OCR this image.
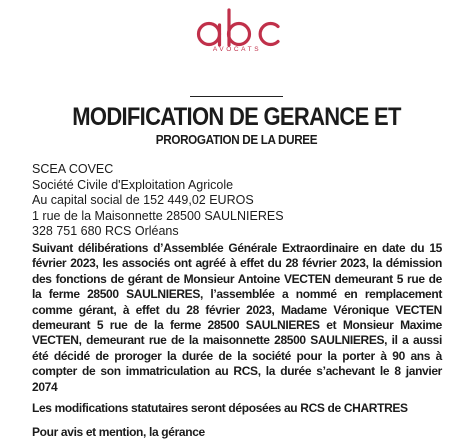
AVOCATS
MODIFICATION DE GERANCE ET
PROROGATION DE LA DUREE
SCEA COVEC
Société Civile d'Exploitation Agricole
Au capital social de 152 449,02 EUROS
1 rue de la Maisonnette 28500 SAULNIERES
328 751 680 RCS Orléans
Suivant délibérations d’Assemblée Générale Extraordinaire en date du 15 février 2023, les associés ont agréé à effet du 28 février 2023, la démission des fonctions de gérant de Monsieur Antoine VECTEN demeurant 5 rue de la ferme 28500 SAULNIERES, l’assemblée a nommé en remplacement comme gérant, à effet du 28 février 2023, Madame Véronique VECTEN demeurant 5 rue de la ferme 28500 SAULNIERES et Monsieur Maxime VECTEN, demeurant rue de la maisonnette 28500 SAULNIERES, il a aussi été décidé de proroger la durée de la société pour la porter à 90 ans à compter de son immatriculation au RCS, la durée s’achevant le 8 janvier 2074
Les modifications statutaires seront déposées au RCS de CHARTRES
Pour avis et mention, la gérance
